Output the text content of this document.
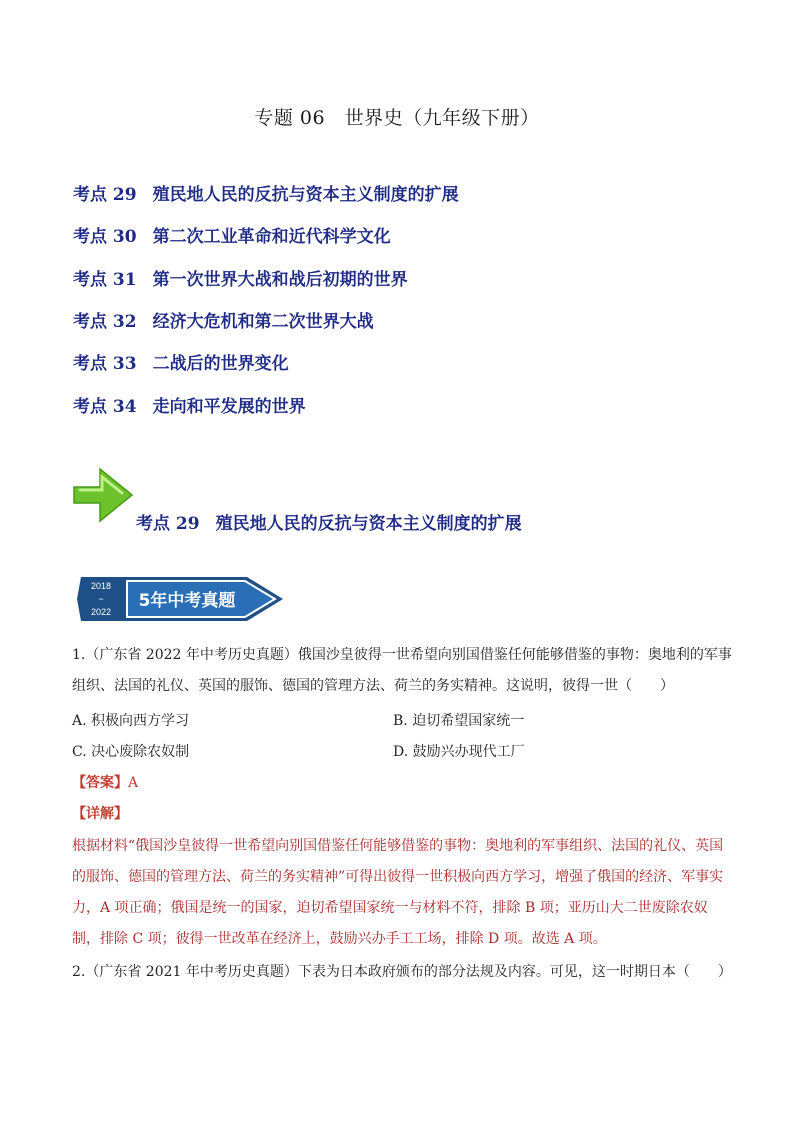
专题 06　世界史（九年级下册）
考点 29 殖民地人民的反抗与资本主义制度的扩展
考点 30 第二次工业革命和近代科学文化
考点 31 第一次世界大战和战后初期的世界
考点 32 经济大危机和第二次世界大战
考点 33 二战后的世界变化
考点 34 走向和平发展的世界
考点 29 殖民地人民的反抗与资本主义制度的扩展
2018
~
2022
5年中考真题
1.（广东省 2022 年中考历史真题）俄国沙皇彼得一世希望向别国借鉴任何能够借鉴的事物：奥地利的军事组织、法国的礼仪、英国的服饰、德国的管理方法、荷兰的务实精神。这说明，彼得一世（　　）
A. 积极向西方学习	B. 迫切希望国家统一
C. 决心废除农奴制	D. 鼓励兴办现代工厂
【答案】A
【详解】
根据材料“俄国沙皇彼得一世希望向别国借鉴任何能够借鉴的事物：奥地利的军事组织、法国的礼仪、英国的服饰、德国的管理方法、荷兰的务实精神”可得出彼得一世积极向西方学习，增强了俄国的经济、军事实力，A 项正确；俄国是统一的国家，迫切希望国家统一与材料不符，排除 B 项；亚历山大二世废除农奴制，排除 C 项；彼得一世改革在经济上，鼓励兴办手工工场，排除 D 项。故选 A 项。
2.（广东省 2021 年中考历史真题）下表为日本政府颁布的部分法规及内容。可见，这一时期日本（　　）
